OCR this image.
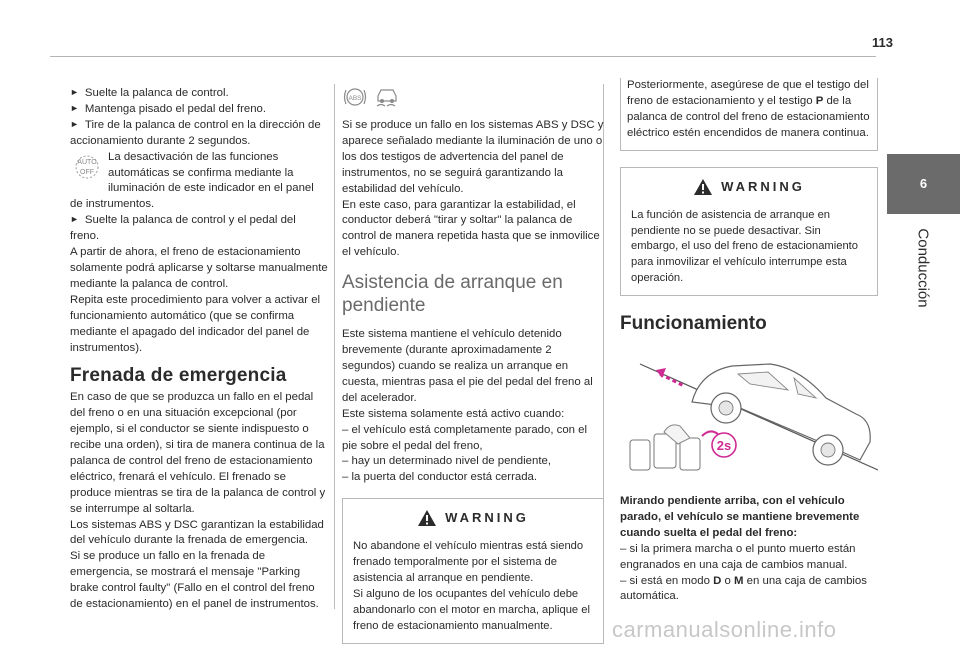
113

► Suelte la palanca de control.

► Mantenga pisado el pedal del freno.

► Tire de la palanca de control en la dirección de accionamiento durante 2 segundos.

AUTO
OFF

La desactivación de las funciones automáticas se confirma mediante la iluminación de este indicador en el panel de instrumentos.

► Suelte la palanca de control y el pedal del freno.

A partir de ahora, el freno de estacionamiento solamente podrá aplicarse y soltarse manualmente mediante la palanca de control.

Repita este procedimiento para volver a activar el funcionamiento automático (que se confirma mediante el apagado del indicador del panel de instrumentos).

Frenada de emergencia

En caso de que se produzca un fallo en el pedal del freno o en una situación excepcional (por ejemplo, si el conductor se siente indispuesto o recibe una orden), si tira de manera continua de la palanca de control del freno de estacionamiento eléctrico, frenará el vehículo. El frenado se produce mientras se tira de la palanca de control y se interrumpe al soltarla.

Los sistemas ABS y DSC garantizan la estabilidad del vehículo durante la frenada de emergencia.

Si se produce un fallo en la frenada de emergencia, se mostrará el mensaje "Parking brake control faulty" (Fallo en el control del freno de estacionamiento) en el panel de instrumentos.

ABS

Si se produce un fallo en los sistemas ABS y DSC y aparece señalado mediante la iluminación de uno o los dos testigos de advertencia del panel de instrumentos, no se seguirá garantizando la estabilidad del vehículo.

En este caso, para garantizar la estabilidad, el conductor deberá "tirar y soltar" la palanca de control de manera repetida hasta que se inmovilice el vehículo.

Asistencia de arranque en pendiente

Este sistema mantiene el vehículo detenido brevemente (durante aproximadamente 2 segundos) cuando se realiza un arranque en cuesta, mientras pasa el pie del pedal del freno al del acelerador.

Este sistema solamente está activo cuando:

– el vehículo está completamente parado, con el pie sobre el pedal del freno,

– hay un determinado nivel de pendiente,

– la puerta del conductor está cerrada.

WARNING

No abandone el vehículo mientras está siendo frenado temporalmente por el sistema de asistencia al arranque en pendiente.

Si alguno de los ocupantes del vehículo debe abandonarlo con el motor en marcha, aplique el freno de estacionamiento manualmente.

Posteriormente, asegúrese de que el testigo del freno de estacionamiento y el testigo P de la palanca de control del freno de estacionamiento eléctrico estén encendidos de manera continua.

WARNING

La función de asistencia de arranque en pendiente no se puede desactivar. Sin embargo, el uso del freno de estacionamiento para inmovilizar el vehículo interrumpe esta operación.

Funcionamiento
2s

Mirando pendiente arriba, con el vehículo parado, el vehículo se mantiene brevemente cuando suelta el pedal del freno:

– si la primera marcha o el punto muerto están engranados en una caja de cambios manual.

– si está en modo D o M en una caja de cambios automática.

6
Conducción
carmanualsonline.info
